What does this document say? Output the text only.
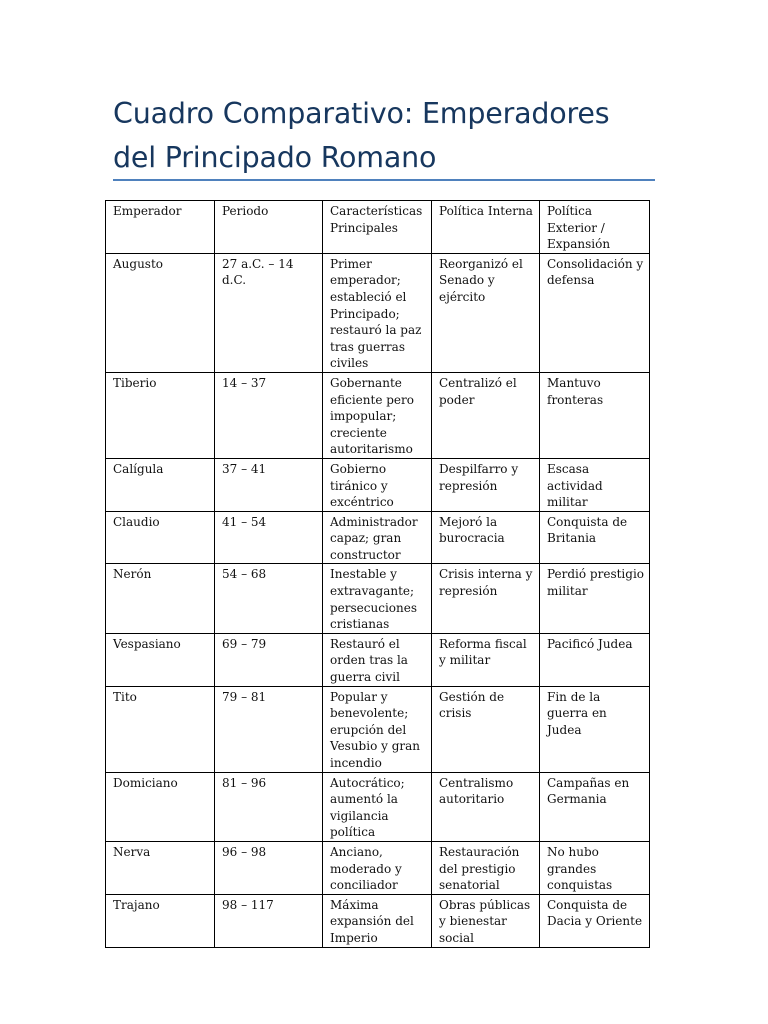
Cuadro Comparativo: Emperadores del Principado Romano
Emperador	Periodo	Características Principales	Política Interna	Política Exterior / Expansión
Augusto	27 a.C. – 14 d.C.	Primer emperador; estableció el Principado; restauró la paz tras guerras civiles	Reorganizó el Senado y ejército	Consolidación y defensa
Tiberio	14 – 37	Gobernante eficiente pero impopular; creciente autoritarismo	Centralizó el poder	Mantuvo fronteras
Calígula	37 – 41	Gobierno tiránico y excéntrico	Despilfarro y represión	Escasa actividad militar
Claudio	41 – 54	Administrador capaz; gran constructor	Mejoró la burocracia	Conquista de Britania
Nerón	54 – 68	Inestable y extravagante; persecuciones cristianas	Crisis interna y represión	Perdió prestigio militar
Vespasiano	69 – 79	Restauró el orden tras la guerra civil	Reforma fiscal y militar	Pacificó Judea
Tito	79 – 81	Popular y benevolente; erupción del Vesubio y gran incendio	Gestión de crisis	Fin de la guerra en Judea
Domiciano	81 – 96	Autocrático; aumentó la vigilancia política	Centralismo autoritario	Campañas en Germania
Nerva	96 – 98	Anciano, moderado y conciliador	Restauración del prestigio senatorial	No hubo grandes conquistas
Trajano	98 – 117	Máxima expansión del Imperio	Obras públicas y bienestar social	Conquista de Dacia y Oriente
